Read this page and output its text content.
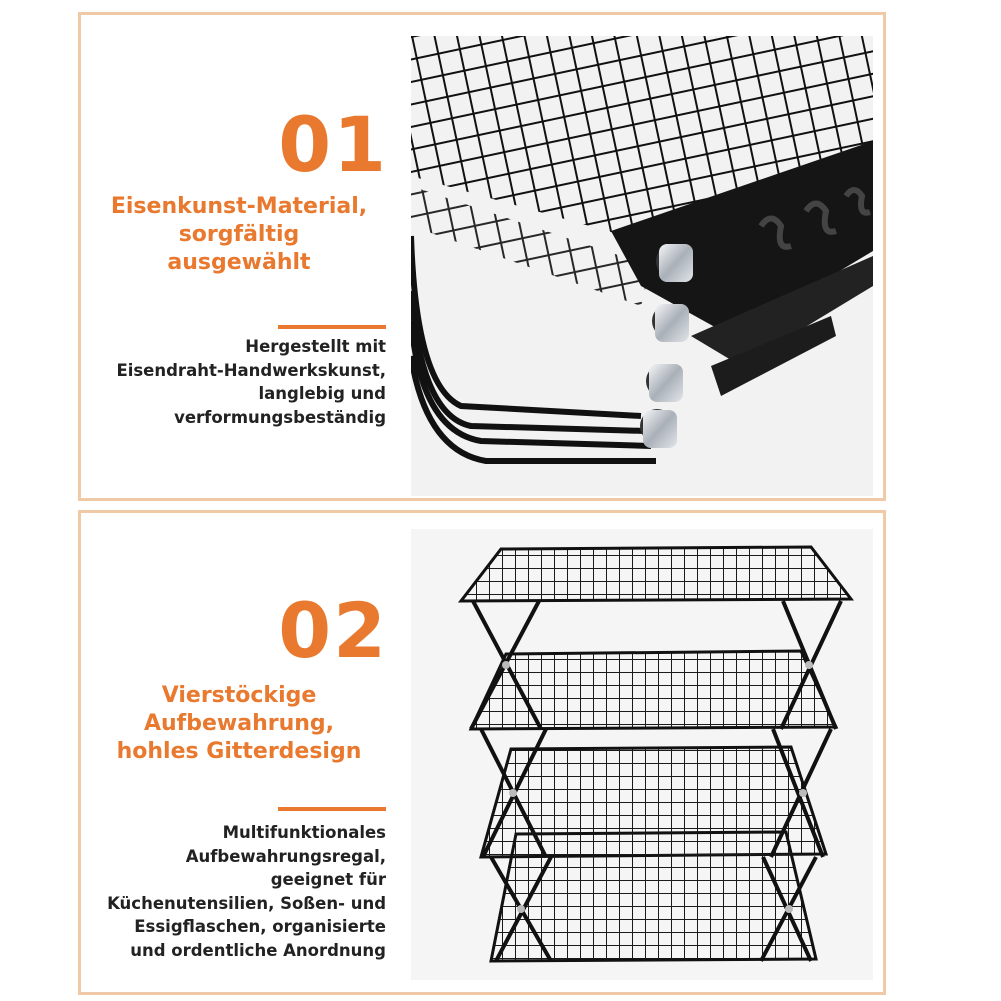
01
Eisenkunst-Material,
sorgfältig
ausgewählt
Hergestellt mit
Eisendraht-Handwerkskunst,
langlebig und
verformungsbeständig
02
Vierstöckige
Aufbewahrung,
hohles Gitterdesign
Multifunktionales
Aufbewahrungsregal,
geeignet für
Küchenutensilien, Soßen- und
Essigflaschen, organisierte
und ordentliche Anordnung
